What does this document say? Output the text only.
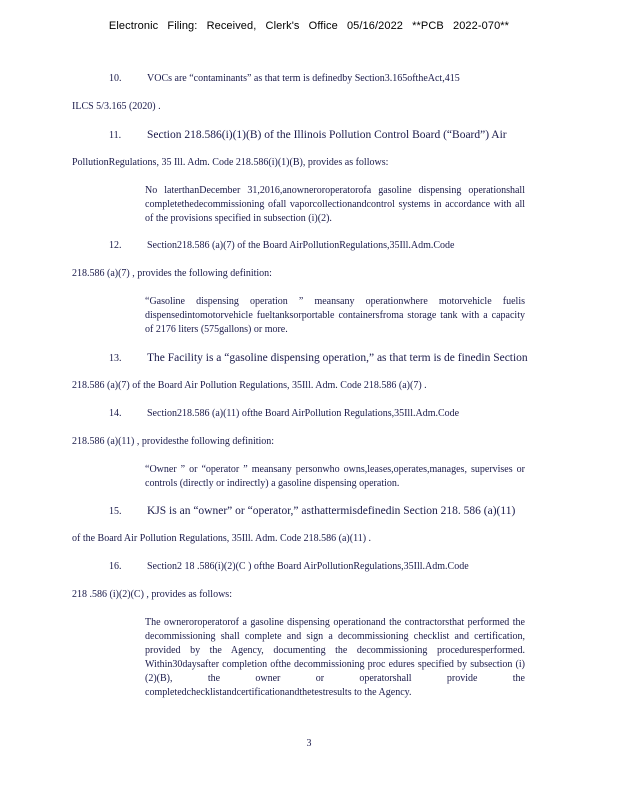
Electronic Filing: Received, Clerk's Office 05/16/2022 **PCB 2022-070**
10.	VOCs are “contaminants” as that term is definedby Section3.165oftheAct,415
ILCS 5/3.165 (2020) .
11. Section 218.586(i)(1)(B) of the Illinois Pollution Control Board (“Board”) Air
PollutionRegulations, 35 Ill. Adm. Code 218.586(i)(1)(B), provides as follows:
No laterthanDecember 31,2016,anowneroroperatorofa gasoline dispensing operationshall completethedecommissioning ofall vaporcollectionandcontrol systems in accordance with all of the provisions specified in subsection (i)(2).
12.	Section218.586 (a)(7) of the Board AirPollutionRegulations,35Ill.Adm.Code
218.586 (a)(7) , provides the following definition:
“Gasoline dispensing operation ” meansany operationwhere motorvehicle fuelis dispensedintomotorvehicle fueltanksorportable containersfroma storage tank with a capacity of 2176 liters (575gallons) or more.
13. The Facility is a “gasoline dispensing operation,” as that term is de finedin Section
218.586 (a)(7) of the Board Air Pollution Regulations, 35Ill. Adm. Code 218.586 (a)(7) .
14.	Section218.586 (a)(11) ofthe Board AirPollution Regulations,35Ill.Adm.Code
218.586 (a)(11) , providesthe following definition:
“Owner ” or “operator ” meansany personwho owns,leases,operates,manages, supervises or controls (directly or indirectly) a gasoline dispensing operation.
15. KJS is an “owner” or “operator,” asthattermisdefinedin Section 218. 586 (a)(11)
of the Board Air Pollution Regulations, 35Ill. Adm. Code 218.586 (a)(11) .
16.	Section2 18 .586(i)(2)(C ) ofthe Board AirPollutionRegulations,35Ill.Adm.Code
218 .586 (i)(2)(C) , provides as follows:
The owneroroperatorof a gasoline dispensing operationand the contractorsthat performed the decommissioning shall complete and sign a decommissioning checklist and certification, provided by the Agency, documenting the decommissioning proceduresperformed. Within30daysafter completion ofthe decommissioning proc edures specified by subsection (i)(2)(B), the owner or operatorshall provide the completedchecklistandcertificationandthetestresults to the Agency.
3
